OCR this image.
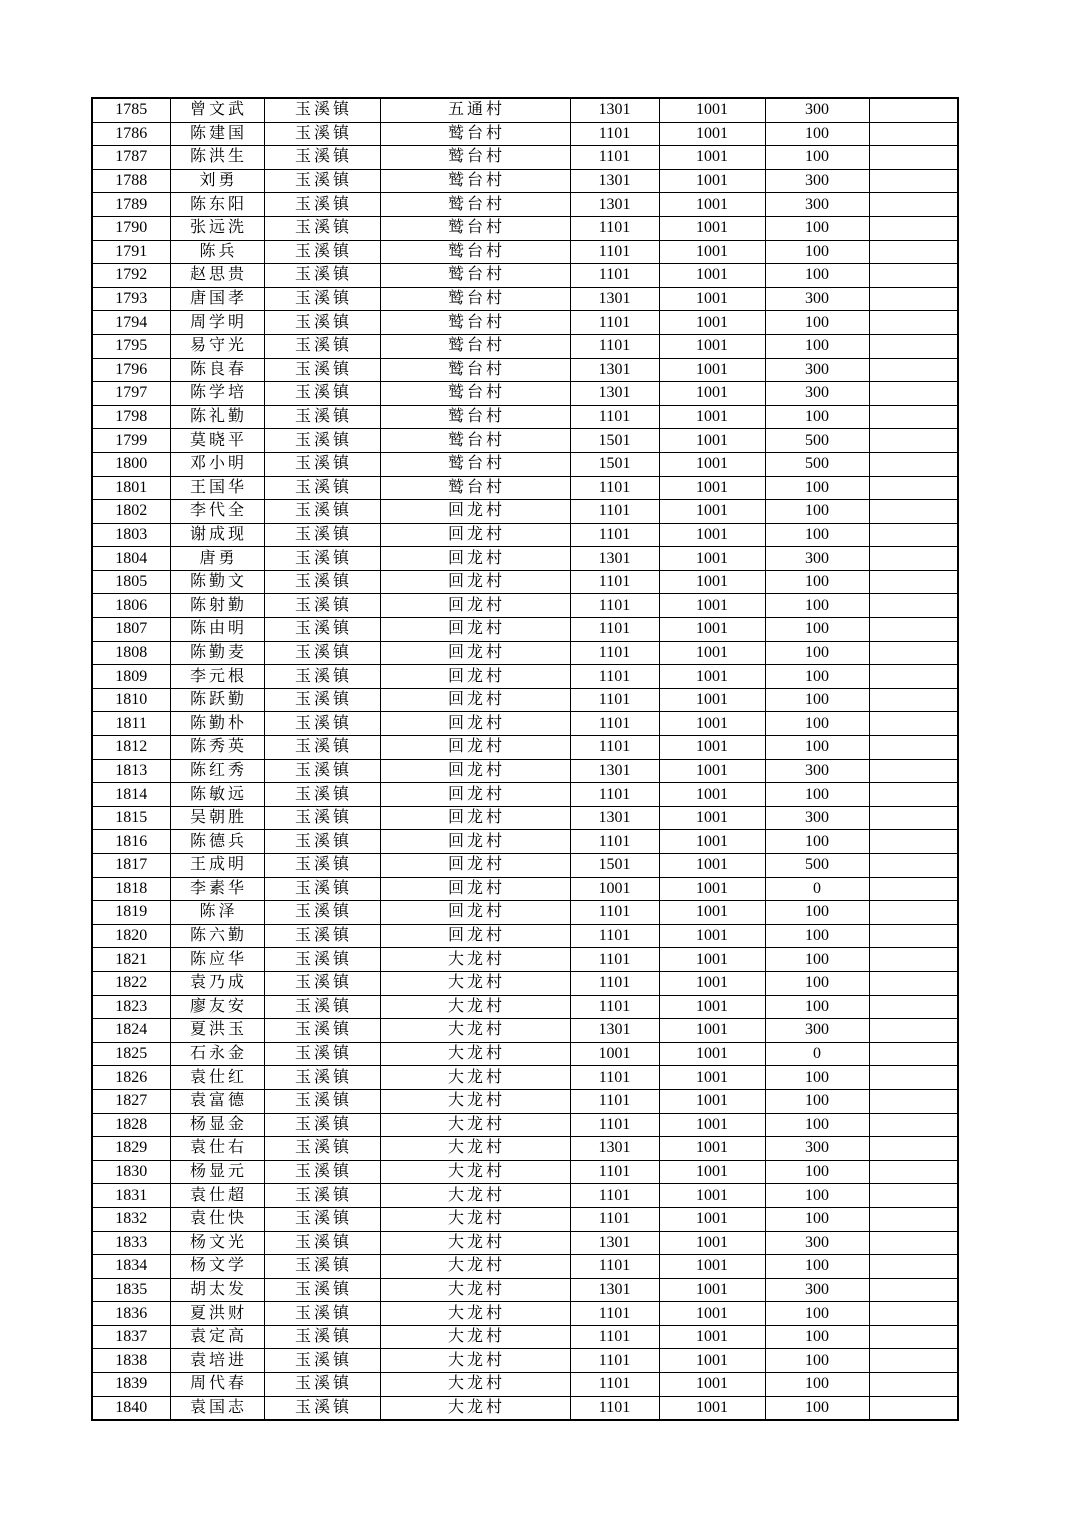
1785	曾文武	玉溪镇	五通村	1301	1001	300	
1786	陈建国	玉溪镇	鹫台村	1101	1001	100	
1787	陈洪生	玉溪镇	鹫台村	1101	1001	100	
1788	刘勇	玉溪镇	鹫台村	1301	1001	300	
1789	陈东阳	玉溪镇	鹫台村	1301	1001	300	
1790	张远洗	玉溪镇	鹫台村	1101	1001	100	
1791	陈兵	玉溪镇	鹫台村	1101	1001	100	
1792	赵思贵	玉溪镇	鹫台村	1101	1001	100	
1793	唐国孝	玉溪镇	鹫台村	1301	1001	300	
1794	周学明	玉溪镇	鹫台村	1101	1001	100	
1795	易守光	玉溪镇	鹫台村	1101	1001	100	
1796	陈良春	玉溪镇	鹫台村	1301	1001	300	
1797	陈学培	玉溪镇	鹫台村	1301	1001	300	
1798	陈礼勤	玉溪镇	鹫台村	1101	1001	100	
1799	莫晓平	玉溪镇	鹫台村	1501	1001	500	
1800	邓小明	玉溪镇	鹫台村	1501	1001	500	
1801	王国华	玉溪镇	鹫台村	1101	1001	100	
1802	李代全	玉溪镇	回龙村	1101	1001	100	
1803	谢成现	玉溪镇	回龙村	1101	1001	100	
1804	唐勇	玉溪镇	回龙村	1301	1001	300	
1805	陈勤文	玉溪镇	回龙村	1101	1001	100	
1806	陈射勤	玉溪镇	回龙村	1101	1001	100	
1807	陈由明	玉溪镇	回龙村	1101	1001	100	
1808	陈勤麦	玉溪镇	回龙村	1101	1001	100	
1809	李元根	玉溪镇	回龙村	1101	1001	100	
1810	陈跃勤	玉溪镇	回龙村	1101	1001	100	
1811	陈勤朴	玉溪镇	回龙村	1101	1001	100	
1812	陈秀英	玉溪镇	回龙村	1101	1001	100	
1813	陈红秀	玉溪镇	回龙村	1301	1001	300	
1814	陈敏远	玉溪镇	回龙村	1101	1001	100	
1815	吴朝胜	玉溪镇	回龙村	1301	1001	300	
1816	陈德兵	玉溪镇	回龙村	1101	1001	100	
1817	王成明	玉溪镇	回龙村	1501	1001	500	
1818	李素华	玉溪镇	回龙村	1001	1001	0	
1819	陈泽	玉溪镇	回龙村	1101	1001	100	
1820	陈六勤	玉溪镇	回龙村	1101	1001	100	
1821	陈应华	玉溪镇	大龙村	1101	1001	100	
1822	袁乃成	玉溪镇	大龙村	1101	1001	100	
1823	廖友安	玉溪镇	大龙村	1101	1001	100	
1824	夏洪玉	玉溪镇	大龙村	1301	1001	300	
1825	石永金	玉溪镇	大龙村	1001	1001	0	
1826	袁仕红	玉溪镇	大龙村	1101	1001	100	
1827	袁富德	玉溪镇	大龙村	1101	1001	100	
1828	杨显金	玉溪镇	大龙村	1101	1001	100	
1829	袁仕右	玉溪镇	大龙村	1301	1001	300	
1830	杨显元	玉溪镇	大龙村	1101	1001	100	
1831	袁仕超	玉溪镇	大龙村	1101	1001	100	
1832	袁仕快	玉溪镇	大龙村	1101	1001	100	
1833	杨文光	玉溪镇	大龙村	1301	1001	300	
1834	杨文学	玉溪镇	大龙村	1101	1001	100	
1835	胡太发	玉溪镇	大龙村	1301	1001	300	
1836	夏洪财	玉溪镇	大龙村	1101	1001	100	
1837	袁定高	玉溪镇	大龙村	1101	1001	100	
1838	袁培进	玉溪镇	大龙村	1101	1001	100	
1839	周代春	玉溪镇	大龙村	1101	1001	100	
1840	袁国志	玉溪镇	大龙村	1101	1001	100	
